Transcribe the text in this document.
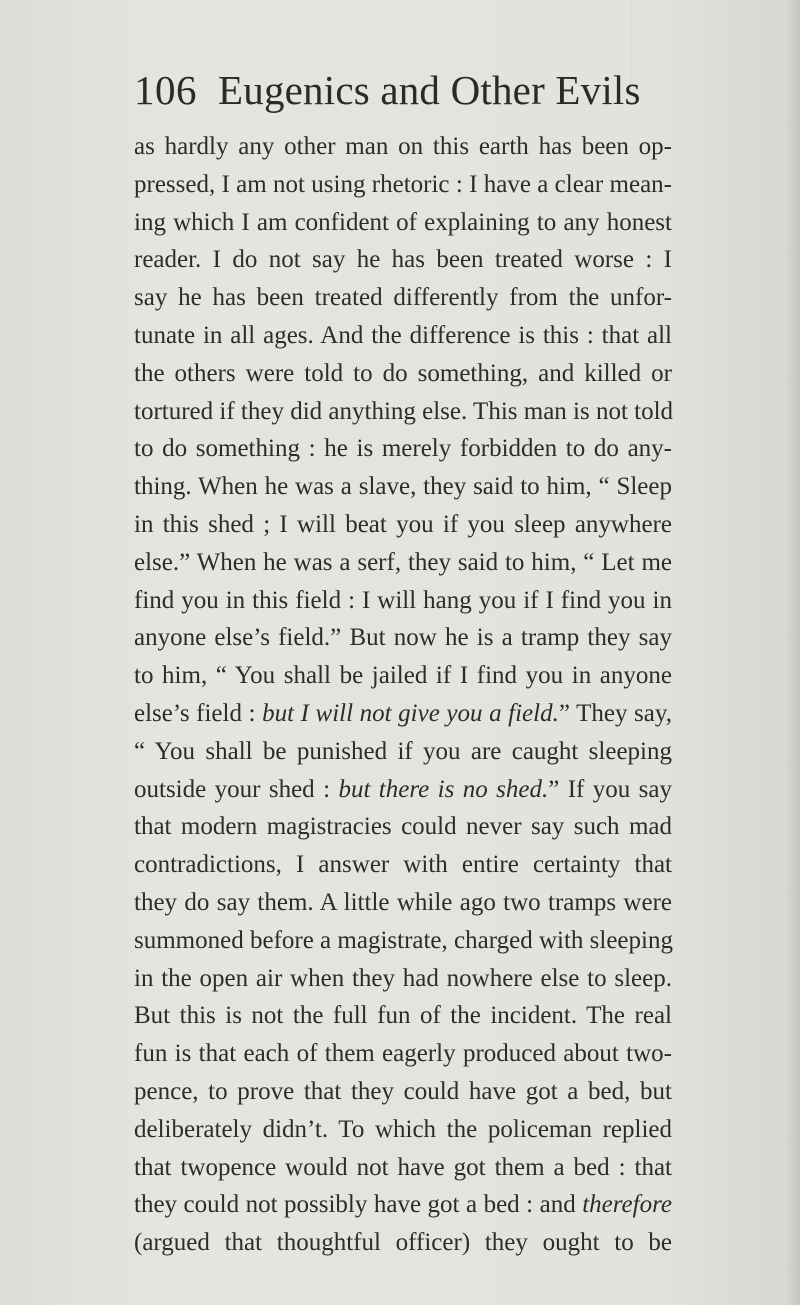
106 Eugenics and Other Evils
as hardly any other man on this earth has been op-
pressed, I am not using rhetoric : I have a clear mean-
ing which I am confident of explaining to any honest
reader. I do not say he has been treated worse : I
say he has been treated differently from the unfor-
tunate in all ages. And the difference is this : that all
the others were told to do something, and killed or
tortured if they did anything else. This man is not told
to do something : he is merely forbidden to do any-
thing. When he was a slave, they said to him, “ Sleep
in this shed ; I will beat you if you sleep anywhere
else.” When he was a serf, they said to him, “ Let me
find you in this field : I will hang you if I find you in
anyone else’s field.” But now he is a tramp they say
to him, “ You shall be jailed if I find you in anyone
else’s field : but I will not give you a field.” They say,
“ You shall be punished if you are caught sleeping
outside your shed : but there is no shed.” If you say
that modern magistracies could never say such mad
contradictions, I answer with entire certainty that
they do say them. A little while ago two tramps were
summoned before a magistrate, charged with sleeping
in the open air when they had nowhere else to sleep.
But this is not the full fun of the incident. The real
fun is that each of them eagerly produced about two-
pence, to prove that they could have got a bed, but
deliberately didn’t. To which the policeman replied
that twopence would not have got them a bed : that
they could not possibly have got a bed : and therefore
(argued that thoughtful officer) they ought to be
